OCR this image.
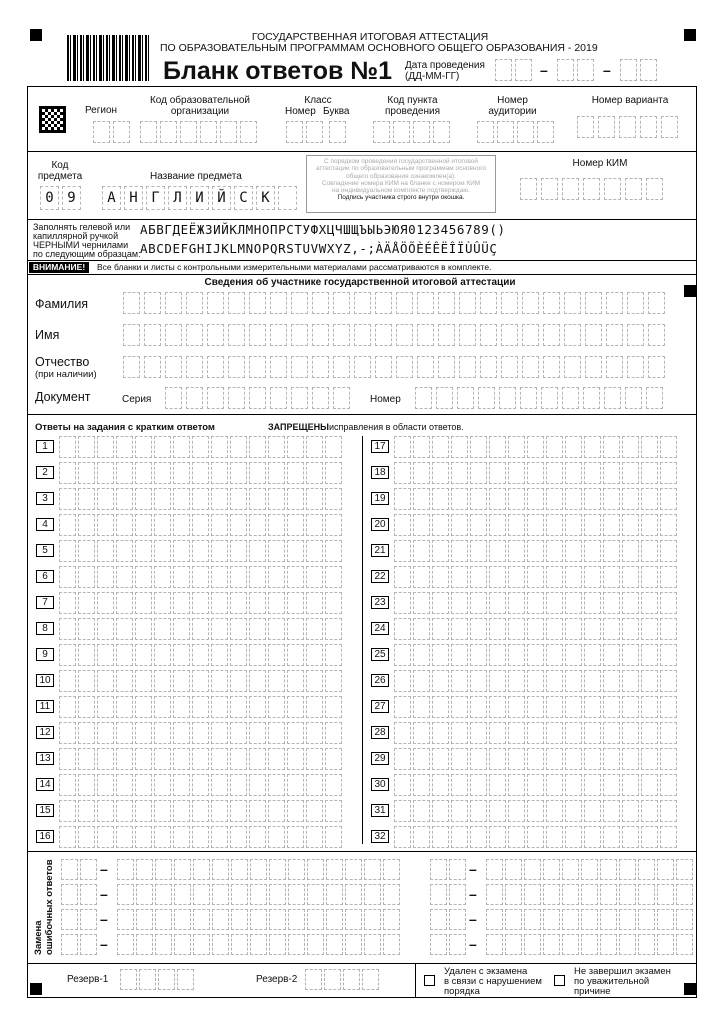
ГОСУДАРСТВЕННАЯ ИТОГОВАЯ АТТЕСТАЦИЯ
ПО ОБРАЗОВАТЕЛЬНЫМ ПРОГРАММАМ ОСНОВНОГО ОБЩЕГО ОБРАЗОВАНИЯ - 2019
Бланк ответов №1 Дата проведения
(ДД-ММ-ГГ)	–	–
Регион
Код образовательной
организации
Класс
Номер Буква
Код пункта
проведения
Номер
аудитории
Номер варианта
Код
предмета	Название предмета
0 9	А Н Г Л И Й С К
С порядком проведения государственной итоговой
аттестации по образовательным программам основного
общего образования ознакомлен(а).
Совпадение номера КИМ на бланке с номером КИМ
на индивидуальном комплекте подтверждаю.
Подпись участника строго внутри окошка.
Номер КИМ
Заполнять гелевой или
капиллярной ручкой
ЧЕРНЫМИ чернилами
по следующим образцам:
АБВГДЕЁЖЗИЙКЛМНОПРСТУФХЦЧШЩЪЫЬЭЮЯ0123456789()
ABCDEFGHIJKLMNOPQRSTUVWXYZ,-;ÀÄÅÖÕÈÉÊËÎÏÙÛÜÇ
ВНИМАНИЕ!	Все бланки и листы с контрольными измерительными материалами рассматриваются в комплекте.
Сведения об участнике государственной итоговой аттестации
Фамилия
Имя
Отчество
(при наличии)
Документ	Серия	Номер
Ответы на задания с кратким ответом	ЗАПРЕЩЕНЫ исправления в области ответов.
1	17
2	18
3	19
4	20
5	21
6	22
7	23
8	24
9	25
10	26
11	27
12	28
13	29
14	30
15	31
16	32
Замена ошибочных ответов	–	–
–	–
–	–
–	–
Резерв-1	Резерв-2
Удален с экзамена
в связи с нарушением
порядка
Не завершил экзамен
по уважительной
причине
